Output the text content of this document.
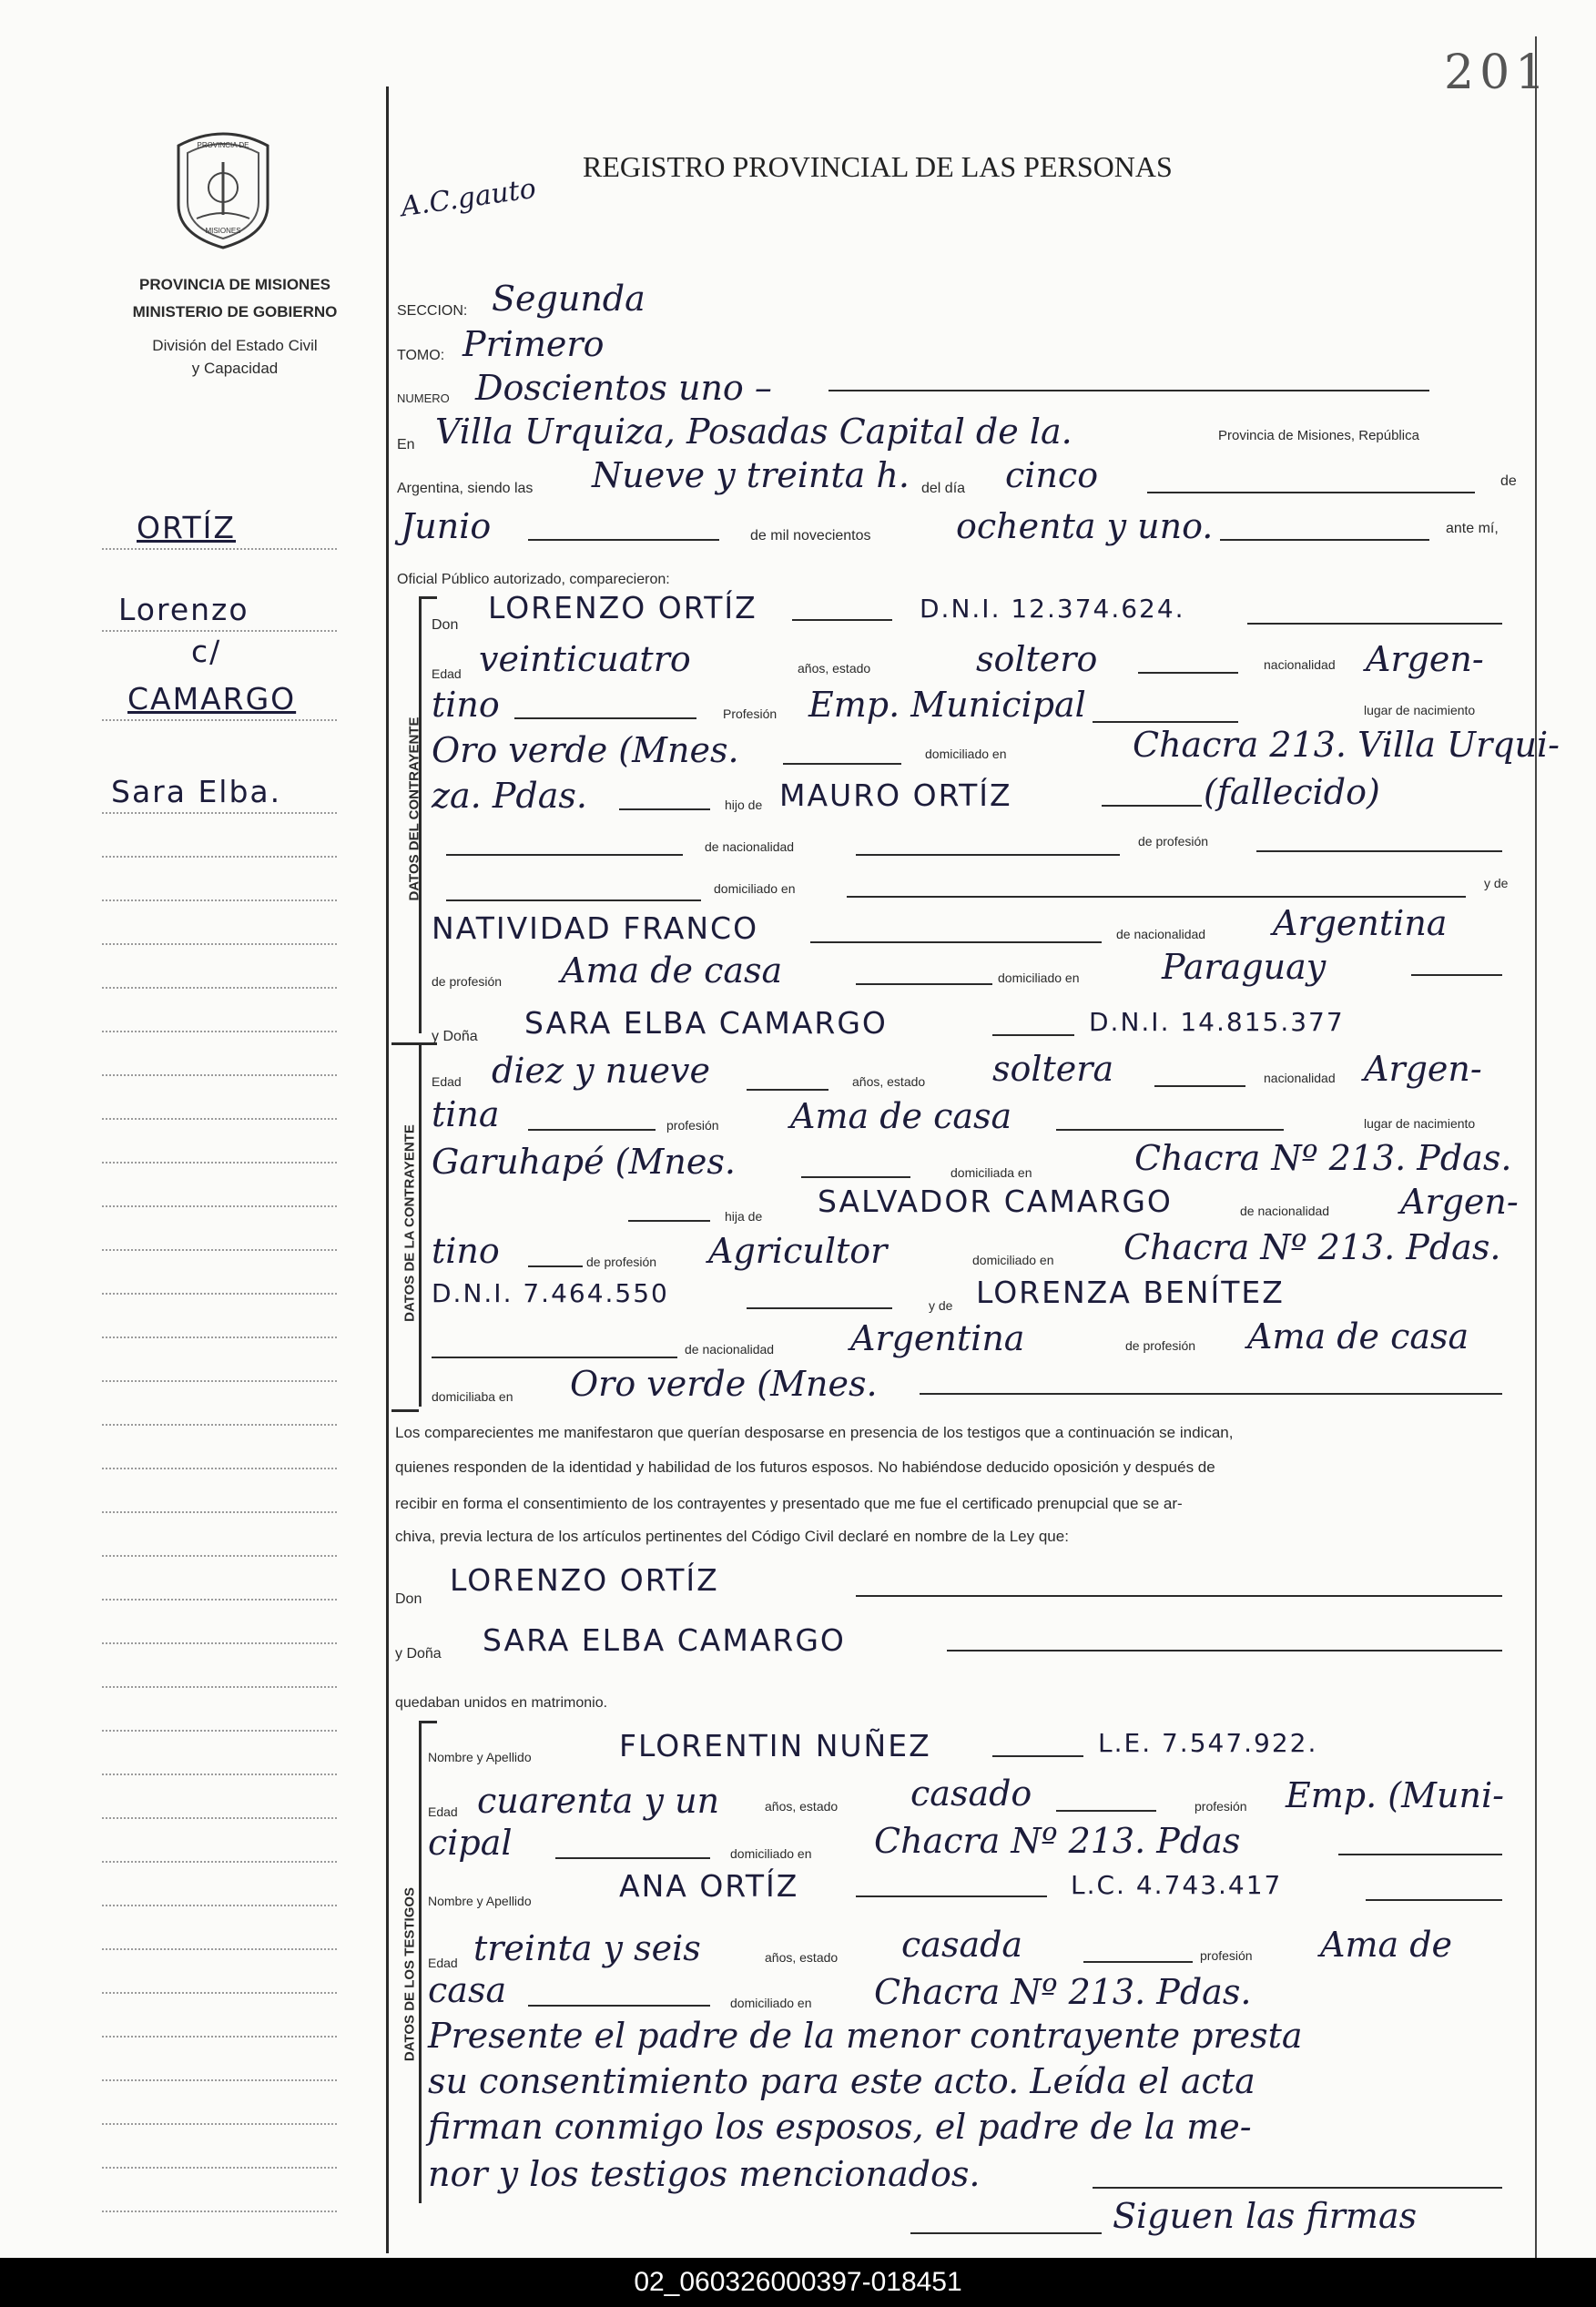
201
PROVINCIA DE
MISIONES
PROVINCIA DE MISIONES
MINISTERIO DE GOBIERNO
División del Estado Civil
y Capacidad
ORTÍZ
Lorenzo
c/
CAMARGO
Sara Elba.
A.C.gauto
REGISTRO PROVINCIAL DE LAS PERSONAS
SECCION: Segunda
TOMO: Primero
NUMERO Doscientos uno –
En Villa Urquiza, Posadas Capital de la.	Provincia de Misiones, República
Argentina, siendo las Nueve y treinta h. del día cinco	de
Junio	de mil novecientos ochenta y uno.	ante mí,
Oficial Público autorizado, comparecieron:
DATOS DEL CONTRAYENTE
Don LORENZO ORTÍZ	D.N.I. 12.374.624.
Edad veinticuatro	años, estado	soltero	nacionalidad Argen-
tino	Profesión Emp. Municipal	lugar de nacimiento
Oro verde (Mnes.	domiciliado en	Chacra 213. Villa Urqui-
za. Pdas.	hijo de MAURO ORTÍZ	(fallecido)
de nacionalidad	de profesión
domiciliado en	y de
NATIVIDAD FRANCO	de nacionalidad Argentina
de profesión Ama de casa	domiciliado en Paraguay
DATOS DE LA CONTRAYENTE
y Doña SARA ELBA CAMARGO	D.N.I. 14.815.377
Edad diez y nueve	años, estado soltera	nacionalidad Argen-
tina	profesión Ama de casa	lugar de nacimiento
Garuhapé (Mnes.	domiciliada en	Chacra Nº 213. Pdas.
hija de SALVADOR CAMARGO	de nacionalidad Argen-
tino	de profesión Agricultor	domiciliado en Chacra Nº 213. Pdas.
D.N.I. 7.464.550	y de LORENZA BENÍTEZ
de nacionalidad Argentina	de profesión Ama de casa
domiciliaba en Oro verde (Mnes.
Los comparecientes me manifestaron que querían desposarse en presencia de los testigos que a continuación se indican,
quienes responden de la identidad y habilidad de los futuros esposos. No habiéndose deducido oposición y después de
recibir en forma el consentimiento de los contrayentes y presentado que me fue el certificado prenupcial que se ar-
chiva, previa lectura de los artículos pertinentes del Código Civil declaré en nombre de la Ley que:
Don
LORENZO ORTÍZ
y Doña SARA ELBA CAMARGO
quedaban unidos en matrimonio.
DATOS DE LOS TESTIGOS
Nombre y Apellido	FLORENTIN NUÑEZ	L.E. 7.547.922.
Edad cuarenta y un	años, estado casado	profesión Emp. (Muni-
cipal	domiciliado en Chacra Nº 213. Pdas
Nombre y Apellido	ANA ORTÍZ	L.C. 4.743.417
Edad treinta y seis	años, estado casada	profesión Ama de
casa	domiciliado en Chacra Nº 213. Pdas.
Presente el padre de la menor contrayente presta
su consentimiento para este acto. Leída el acta
firman conmigo los esposos, el padre de la me-
nor y los testigos mencionados.
Siguen las firmas
02_060326000397-018451
